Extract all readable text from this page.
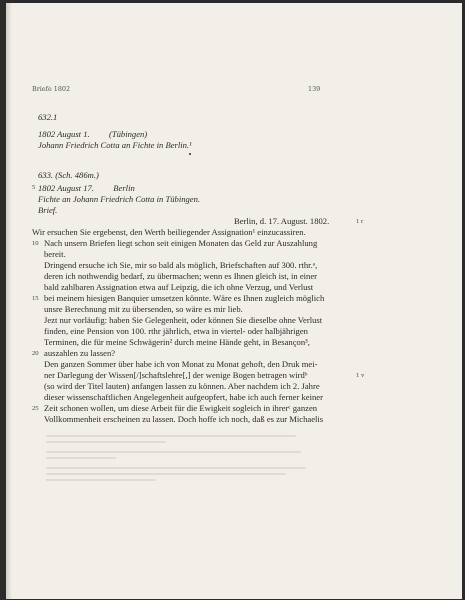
Briefe 1802	139
632.1
1802 August 1.         (Tübingen)
Johann Friedrich Cotta an Fichte in Berlin.¹
633. (Sch. 486m.)
5 1802 August 17.         Berlin
Fichte an Johann Friedrich Cotta in Tübingen.
Brief.
Berlin, d. 17. August. 1802.	1 r
Wir ersuchen Sie ergebenst, den Werth beiliegender Assignation¹ einzucassiren.
10 Nach unsern Briefen liegt schon seit einigen Monaten das Geld zur Auszahlung
bereit.
Dringend ersuche ich Sie, mir so bald als möglich, Briefschaften auf 300. rthr.ᵃ,
deren ich nothwendig bedarf, zu übermachen; wenn es Ihnen gleich ist, in einer
bald zahlbaren Assignation etwa auf Leipzig, die ich ohne Verzug, und Verlust
15 bei meinem hiesigen Banquier umsetzen könnte. Wäre es Ihnen zugleich möglich
unsre Berechnung mit zu übersenden, so wäre es mir lieb.
Jezt nur vorläufig: haben Sie Gelegenheit, oder können Sie dieselbe ohne Verlust
finden, eine Pension von 100. rthr jährlich, etwa in viertel- oder halbjährigen
Terminen, die für meine Schwägerin² durch meine Hände geht, in Besançon³,
20 auszahlen zu lassen?
Den ganzen Sommer über habe ich von Monat zu Monat gehoft, den Druk mei-
ner Darlegung der Wissen[/]schaftslehre[,] der wenige Bogen betragen wirdᵇ	1 v
(so wird der Titel lauten) anfangen lassen zu können. Aber nachdem ich 2. Jahre
dieser wissenschaftlichen Angelegenheit aufgeopfert, habe ich auch ferner keiner
25 Zeit schonen wollen, um diese Arbeit für die Ewigkeit sogleich in ihrerᶜ ganzen
Vollkommenheit erscheinen zu lassen. Doch hoffe ich noch, daß es zur Michaelis
